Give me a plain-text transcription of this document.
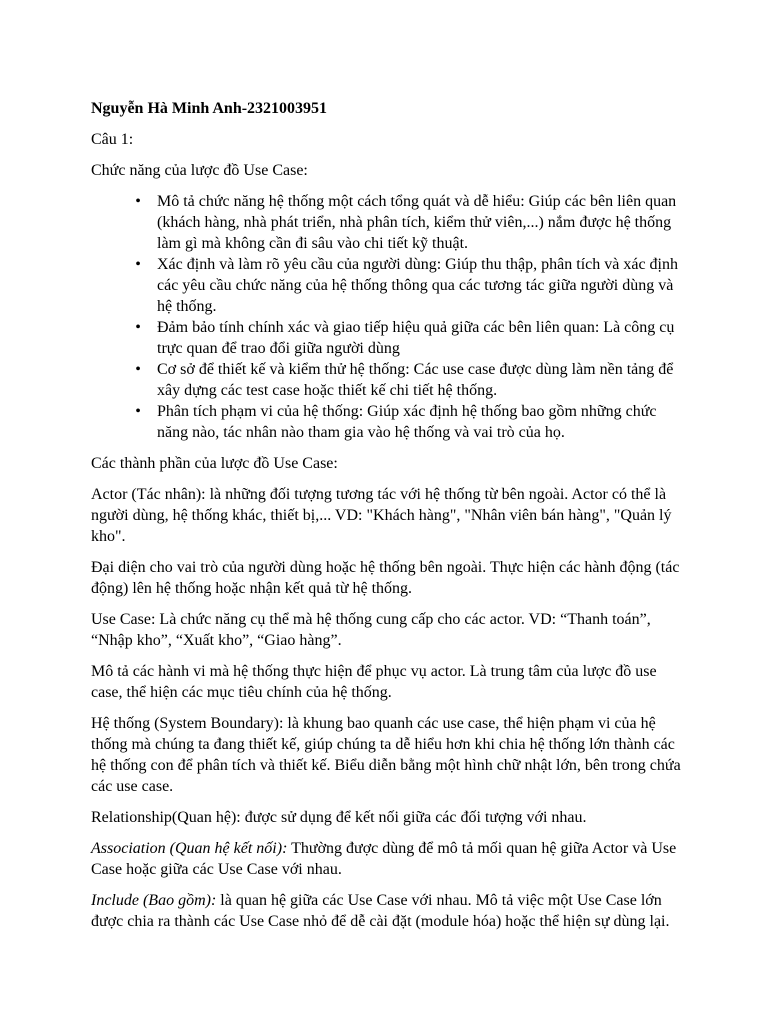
Nguyễn Hà Minh Anh-2321003951

Câu 1:

Chức năng của lược đồ Use Case:

• Mô tả chức năng hệ thống một cách tổng quát và dễ hiểu: Giúp các bên liên quan (khách hàng, nhà phát triển, nhà phân tích, kiểm thử viên,...) nắm được hệ thống làm gì mà không cần đi sâu vào chi tiết kỹ thuật.
• Xác định và làm rõ yêu cầu của người dùng: Giúp thu thập, phân tích và xác định các yêu cầu chức năng của hệ thống thông qua các tương tác giữa người dùng và hệ thống.
• Đảm bảo tính chính xác và giao tiếp hiệu quả giữa các bên liên quan: Là công cụ trực quan để trao đổi giữa người dùng
• Cơ sở để thiết kế và kiểm thử hệ thống: Các use case được dùng làm nền tảng để xây dựng các test case hoặc thiết kế chi tiết hệ thống.
• Phân tích phạm vi của hệ thống: Giúp xác định hệ thống bao gồm những chức năng nào, tác nhân nào tham gia vào hệ thống và vai trò của họ.

Các thành phần của lược đồ Use Case:

Actor (Tác nhân): là những đối tượng tương tác với hệ thống từ bên ngoài. Actor có thể là người dùng, hệ thống khác, thiết bị,... VD: "Khách hàng", "Nhân viên bán hàng", "Quản lý kho".

Đại diện cho vai trò của người dùng hoặc hệ thống bên ngoài. Thực hiện các hành động (tác động) lên hệ thống hoặc nhận kết quả từ hệ thống.

Use Case: Là chức năng cụ thể mà hệ thống cung cấp cho các actor. VD: “Thanh toán”, “Nhập kho”, “Xuất kho”, “Giao hàng”.

Mô tả các hành vi mà hệ thống thực hiện để phục vụ actor. Là trung tâm của lược đồ use case, thể hiện các mục tiêu chính của hệ thống.

Hệ thống (System Boundary): là khung bao quanh các use case, thể hiện phạm vi của hệ thống mà chúng ta đang thiết kế, giúp chúng ta dễ hiểu hơn khi chia hệ thống lớn thành các hệ thống con để phân tích và thiết kế. Biểu diễn bằng một hình chữ nhật lớn, bên trong chứa các use case.

Relationship(Quan hệ): được sử dụng để kết nối giữa các đối tượng với nhau.

Association (Quan hệ kết nối): Thường được dùng để mô tả mối quan hệ giữa Actor và Use Case hoặc giữa các Use Case với nhau.

Include (Bao gồm): là quan hệ giữa các Use Case với nhau. Mô tả việc một Use Case lớn được chia ra thành các Use Case nhỏ để dễ cài đặt (module hóa) hoặc thể hiện sự dùng lại.
